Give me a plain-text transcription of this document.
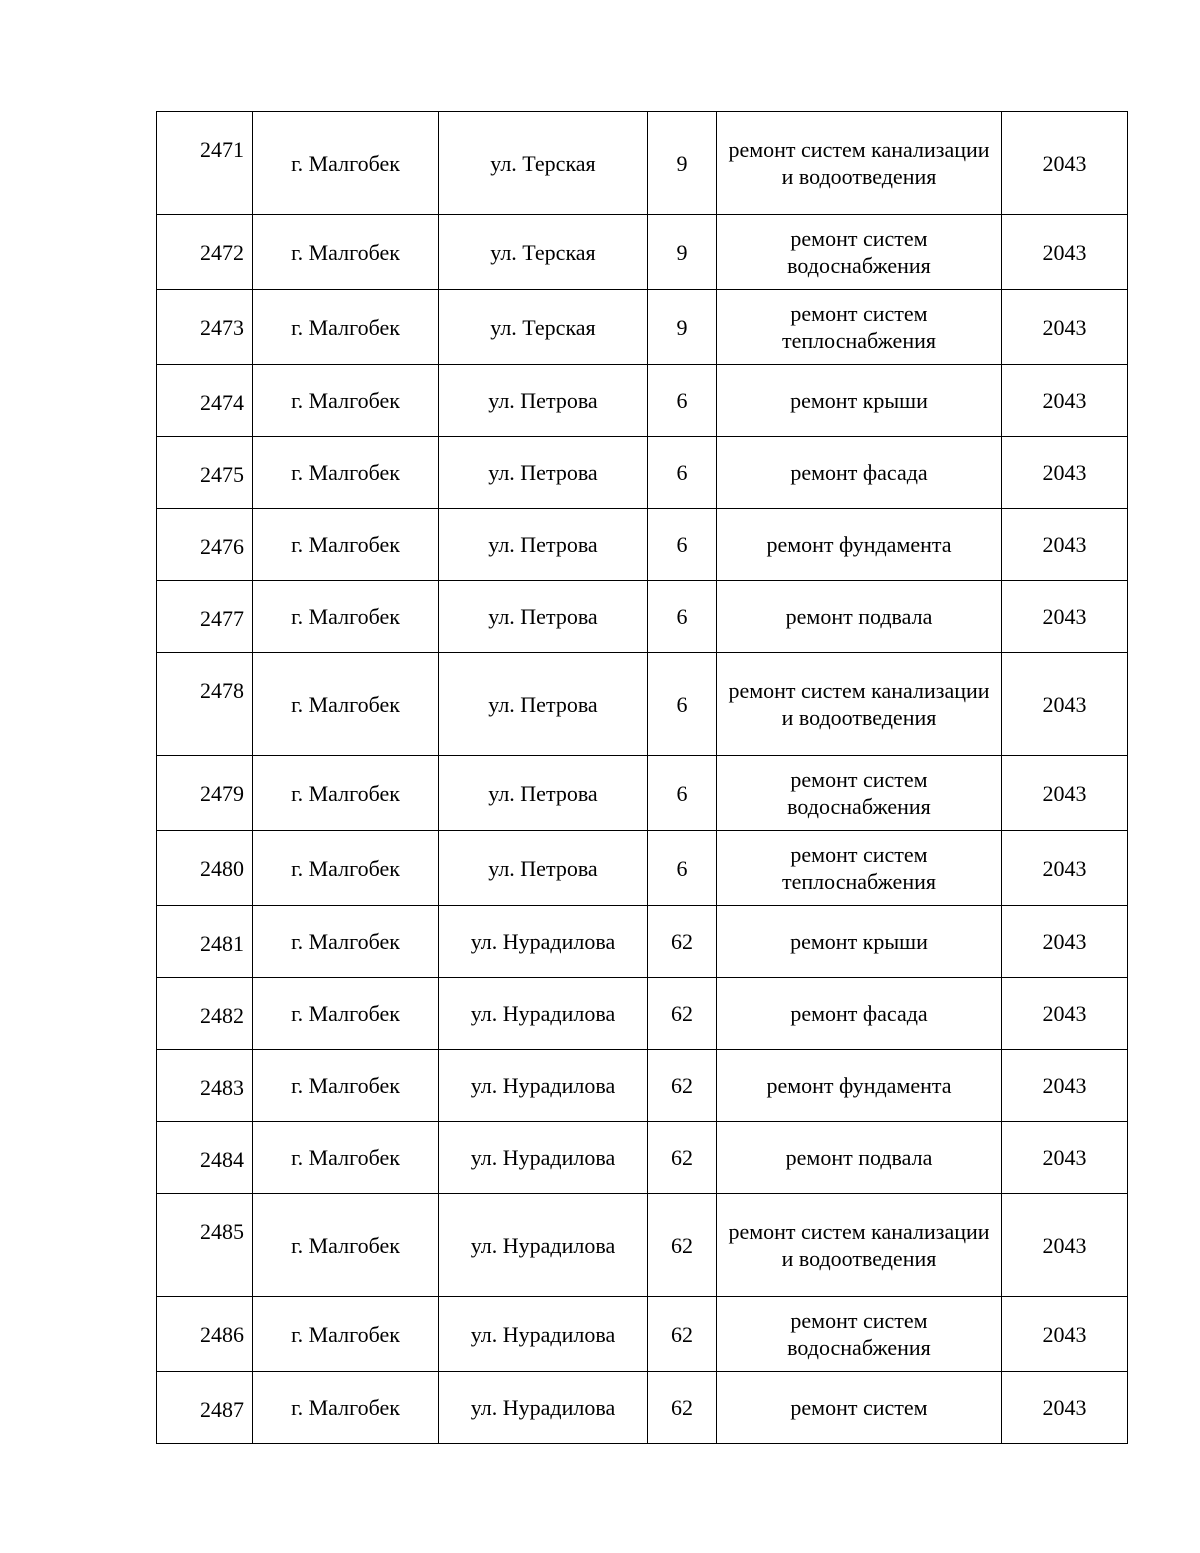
2471	г. Малгобек	ул. Терская	9	ремонт систем канализации и водоотведения	2043
2472	г. Малгобек	ул. Терская	9	ремонт систем водоснабжения	2043
2473	г. Малгобек	ул. Терская	9	ремонт систем теплоснабжения	2043
2474	г. Малгобек	ул. Петрова	6	ремонт крыши	2043
2475	г. Малгобек	ул. Петрова	6	ремонт фасада	2043
2476	г. Малгобек	ул. Петрова	6	ремонт фундамента	2043
2477	г. Малгобек	ул. Петрова	6	ремонт подвала	2043
2478	г. Малгобек	ул. Петрова	6	ремонт систем канализации и водоотведения	2043
2479	г. Малгобек	ул. Петрова	6	ремонт систем водоснабжения	2043
2480	г. Малгобек	ул. Петрова	6	ремонт систем теплоснабжения	2043
2481	г. Малгобек	ул. Нурадилова	62	ремонт крыши	2043
2482	г. Малгобек	ул. Нурадилова	62	ремонт фасада	2043
2483	г. Малгобек	ул. Нурадилова	62	ремонт фундамента	2043
2484	г. Малгобек	ул. Нурадилова	62	ремонт подвала	2043
2485	г. Малгобек	ул. Нурадилова	62	ремонт систем канализации и водоотведения	2043
2486	г. Малгобек	ул. Нурадилова	62	ремонт систем водоснабжения	2043
2487	г. Малгобек	ул. Нурадилова	62	ремонт систем	2043
